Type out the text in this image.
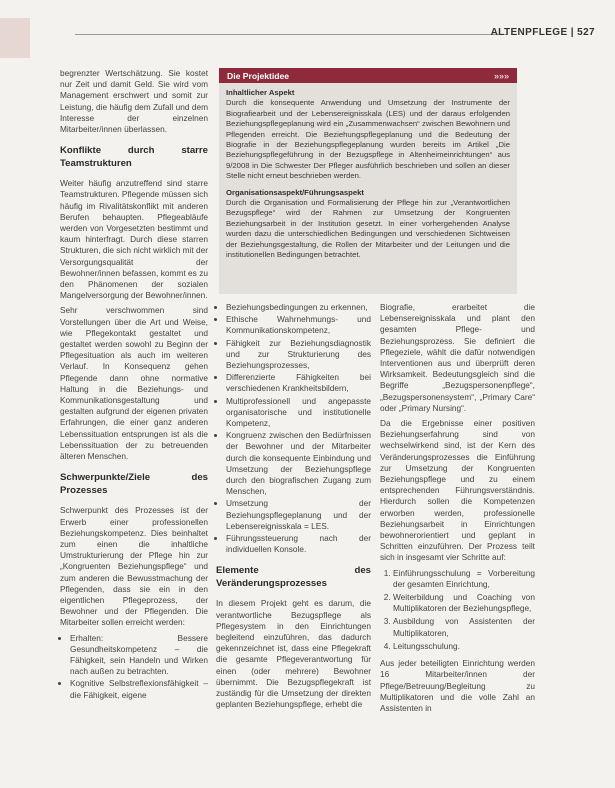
ALTENPFLEGE | 527

begrenzter Wertschätzung. Sie kostet nur Zeit und damit Geld. Sie wird vom Management erschwert und somit zur Leistung, die häufig dem Zufall und dem Interesse der einzelnen Mitarbeiter/innen überlassen.

Konflikte durch starre Teamstrukturen

Weiter häufig anzutreffend sind starre Teamstrukturen. Pflegende müssen sich häufig im Rivalitätskonflikt mit anderen Berufen behaupten. Pflegeabläufe werden von Vorgesetzten bestimmt und kaum hinterfragt. Durch diese starren Strukturen, die sich nicht wirklich mit der Versorgungsqualität der Bewohner/innen befassen, kommt es zu den Phänomenen der sozialen Mangelversorgung der Bewohner/innen.

Sehr verschwommen sind Vorstellungen über die Art und Weise, wie Pflegekontakt gestaltet und gestaltet werden sowohl zu Beginn der Pflegesituation als auch im weiteren Verlauf. In Konsequenz gehen Pflegende dann ohne normative Haltung in die Beziehungs- und Kommunikationsgestaltung und gestalten aufgrund der eigenen privaten Erfahrungen, die einer ganz anderen Lebenssituation entsprungen ist als die Lebenssituation der zu betreuenden älteren Menschen.

Schwerpunkte/Ziele des Prozesses

Schwerpunkt des Prozesses ist der Erwerb einer professionellen Beziehungskompetenz. Dies beinhaltet zum einen die inhaltliche Umstrukturierung der Pflege hin zur „Kongruenten Beziehungspflege“ und zum anderen die Bewusstmachung der Pflegenden, dass sie ein in den eigentlichen Pflegeprozess, der Bewohner und der Pflegenden. Die Mitarbeiter sollen erreicht werden:

• Erhalten: Bessere Gesundheitskompetenz – die Fähigkeit, sein Handeln und Wirken nach außen zu betrachten.
• Kognitive Selbstreflexionsfähigkeit – die Fähigkeit, eigene
Die Projektidee	»»»
Inhaltlicher Aspekt

Durch die konsequente Anwendung und Umsetzung der Instrumente der Biografiearbeit und der Lebensereignisskala (LES) und der daraus erfolgenden Beziehungspflegeplanung wird ein „Zusammenwachsen“ zwischen Bewohnern und Pflegenden erreicht. Die Beziehungspflegeplanung und die Bedeutung der Biografie in der Beziehungspflegeplanung wurden bereits im Artikel „Die Beziehungspflegeführung in der Bezugspflege in Altenheimeinrichtungen“ aus 9/2008 in Die Schwester Der Pfleger ausführlich beschrieben und sollen an dieser Stelle nicht erneut beschrieben werden.

Organisationsaspekt/Führungsaspekt

Durch die Organisation und Formalisierung der Pflege hin zur „Verantwortlichen Bezugspflege“ wird der Rahmen zur Umsetzung der Kongruenten Beziehungsarbeit in der Institution gesetzt. In einer vorhergehenden Analyse wurden dazu die unterschiedlichen Bedingungen und verschiedenen Sichtweisen der Beziehungsgestaltung, die Rollen der Mitarbeiter und der Leitungen und die institutionellen Bedingungen betrachtet.

• Beziehungsbedingungen zu erkennen,
• Ethische Wahrnehmungs- und Kommunikationskompetenz,
• Fähigkeit zur Beziehungsdiagnostik und zur Strukturierung des Beziehungsprozesses,
• Differenzierte Fähigkeiten bei verschiedenen Krankheitsbildern,
• Multiprofessionell und angepasste organisatorische und institutionelle Kompetenz,
• Kongruenz zwischen den Bedürfnissen der Bewohner und der Mitarbeiter durch die konsequente Einbindung und Umsetzung der Beziehungspflege durch den biografischen Zugang zum Menschen,
• Umsetzung der Beziehungspflegeplanung und der Lebensereignisskala = LES.
• Führungssteuerung nach der individuellen Konsole.
Elemente des Veränderungsprozesses

In diesem Projekt geht es darum, die verantwortliche Bezugspflege als Pflegesystem in den Einrichtungen begleitend einzuführen, das dadurch gekennzeichnet ist, dass eine Pflegekraft die gesamte Pflegeverantwortung für einen (oder mehrere) Bewohner übernimmt. Die Bezugspflegekraft ist zuständig für die Umsetzung der direkten geplanten Beziehungspflege, erhebt die

Biografie, erarbeitet die Lebensereignisskala und plant den gesamten Pflege- und Beziehungsprozess. Sie definiert die Pflegeziele, wählt die dafür notwendigen Interventionen aus und überprüft deren Wirksamkeit. Bedeutungsgleich sind die Begriffe „Bezugspersonenpflege“, „Bezugspersonensystem“, „Primary Care“ oder „Primary Nursing“.

Da die Ergebnisse einer positiven Beziehungserfahrung sind von wechselwirkend sind, ist der Kern des Veränderungsprozesses die Einführung zur Umsetzung der Kongruenten Beziehungspflege und zu einem entsprechenden Führungsverständnis. Hierdurch sollen die Kompetenzen erworben werden, professionelle Beziehungsarbeit in Einrichtungen bewohnerorientiert und geplant in Schritten einzuführen. Der Prozess teilt sich in insgesamt vier Schritte auf:

1. Einführungsschulung = Vorbereitung der gesamten Einrichtung,
2. Weiterbildung und Coaching von Multiplikatoren der Beziehungspflege,
3. Ausbildung von Assistenten der Multiplikatoren,
4. Leitungsschulung.

Aus jeder beteiligten Einrichtung werden 16 Mitarbeiter/innen der Pflege/Betreuung/Begleitung zu Multiplikatoren und die volle Zahl an Assistenten in
